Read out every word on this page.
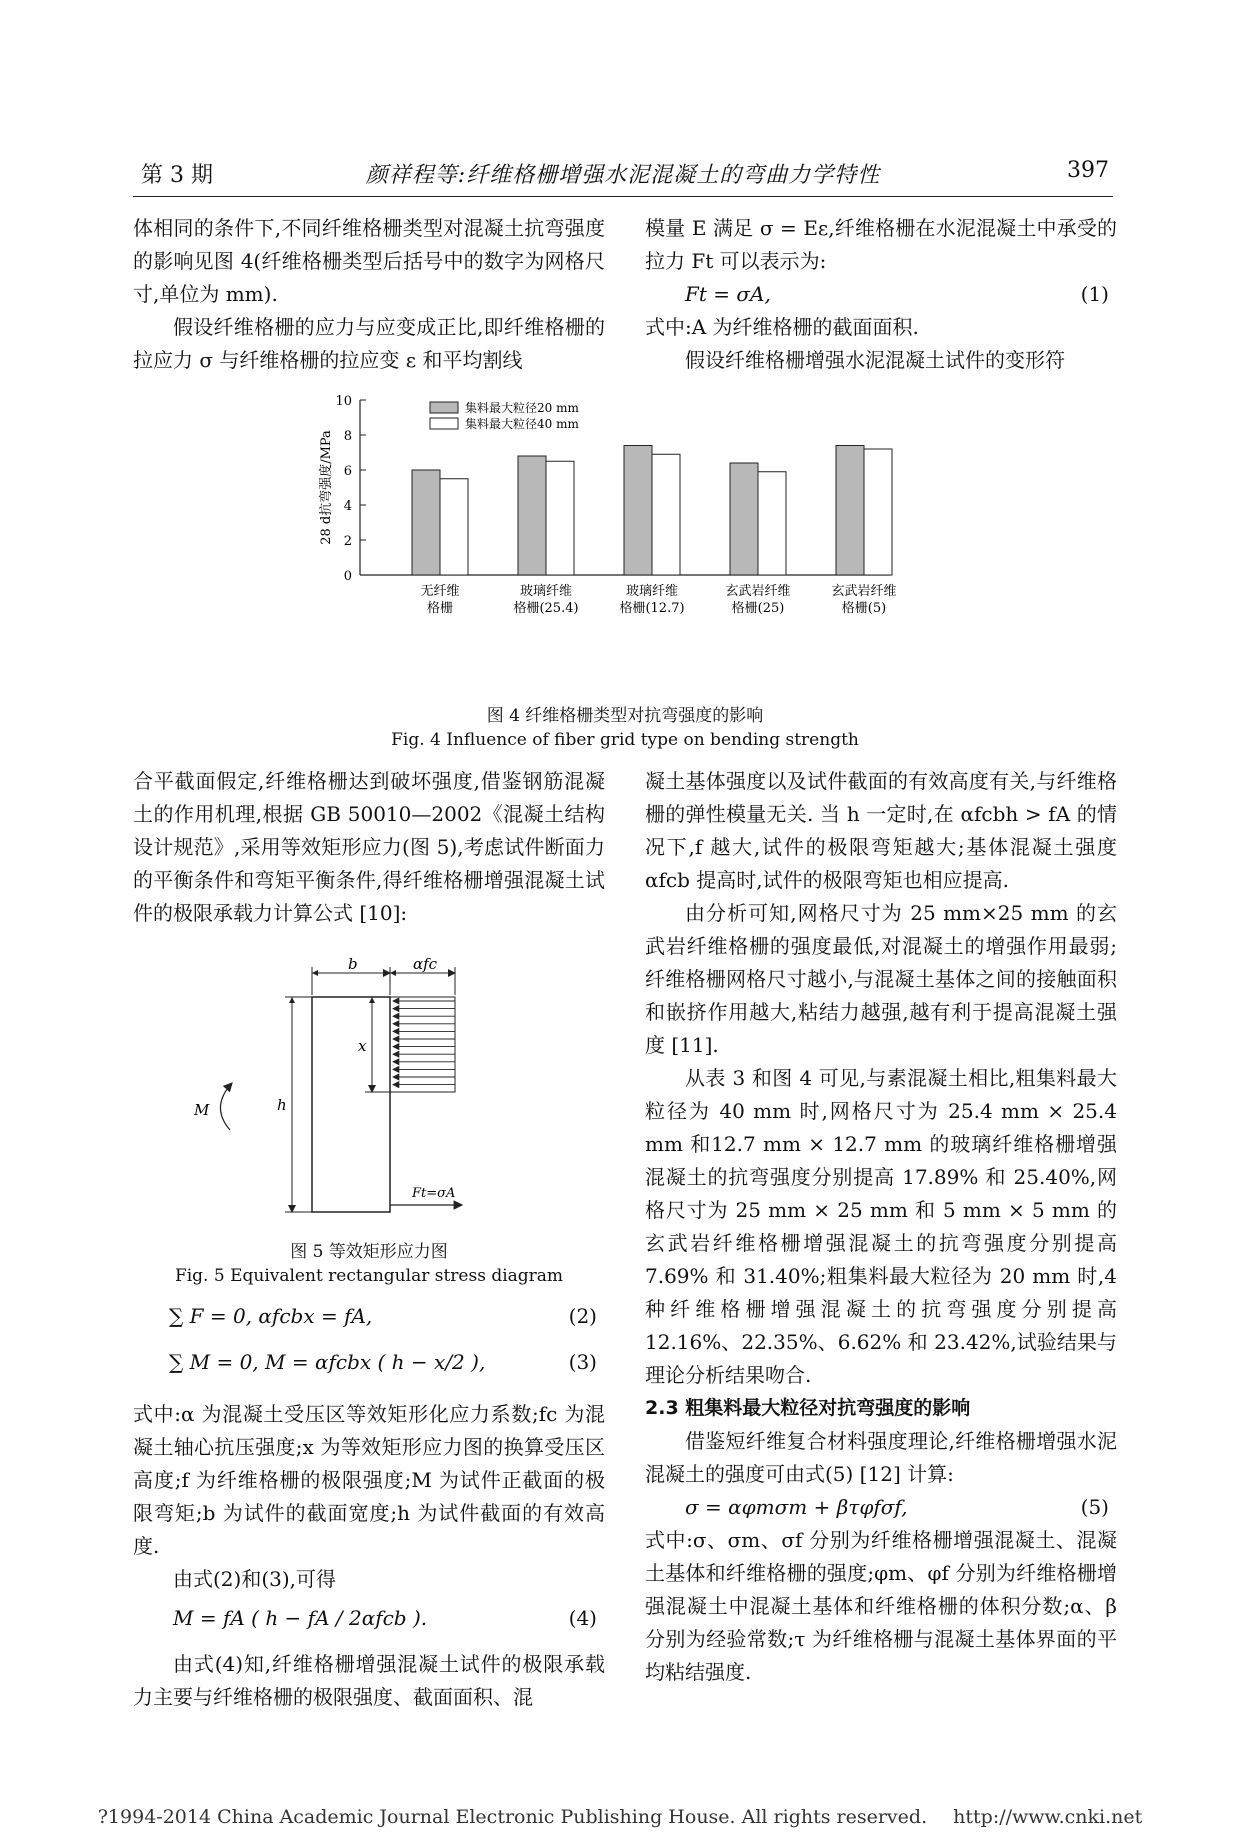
第 3 期	颜祥程等:纤维格栅增强水泥混凝土的弯曲力学特性	397

体相同的条件下,不同纤维格栅类型对混凝土抗弯强度的影响见图 4(纤维格栅类型后括号中的数字为网格尺寸,单位为 mm).

假设纤维格栅的应力与应变成正比,即纤维格栅的拉应力 σ 与纤维格栅的拉应变 ε 和平均割线

模量 E 满足 σ = Eε,纤维格栅在水泥混凝土中承受的拉力 Ft 可以表示为:

Ft = σA,	(1)

式中:A 为纤维格栅的截面面积.

假设纤维格栅增强水泥混凝土试件的变形符

0
2
4
6
8
10
28 d抗弯强度/MPa
无纤维
格栅
玻璃纤维
格栅(25.4)
玻璃纤维
格栅(12.7)
玄武岩纤维
格栅(25)
玄武岩纤维
格栅(5)
集料最大粒径20 mm
集料最大粒径40 mm
图 4 纤维格栅类型对抗弯强度的影响
Fig. 4 Influence of fiber grid type on bending strength

合平截面假定,纤维格栅达到破坏强度,借鉴钢筋混凝土的作用机理,根据 GB 50010—2002《混凝土结构设计规范》,采用等效矩形应力(图 5),考虑试件断面力的平衡条件和弯矩平衡条件,得纤维格栅增强混凝土试件的极限承载力计算公式 [10]:

b	αfc
x
h
M
Ft=σA
图 5 等效矩形应力图
Fig. 5 Equivalent rectangular stress diagram
∑ F = 0, αfcbx = fA,	(2)
∑ M = 0, M = αfcbx ( h − x/2 ),	(3)

式中:α 为混凝土受压区等效矩形化应力系数;fc 为混凝土轴心抗压强度;x 为等效矩形应力图的换算受压区高度;f 为纤维格栅的极限强度;M 为试件正截面的极限弯矩;b 为试件的截面宽度;h 为试件截面的有效高度.

由式(2)和(3),可得

M = fA ( h − fA / 2αfcb ).	(4)

由式(4)知,纤维格栅增强混凝土试件的极限承载力主要与纤维格栅的极限强度、截面面积、混

凝土基体强度以及试件截面的有效高度有关,与纤维格栅的弹性模量无关. 当 h 一定时,在 αfcbh > fA 的情况下,f 越大,试件的极限弯矩越大;基体混凝土强度 αfcb 提高时,试件的极限弯矩也相应提高.

由分析可知,网格尺寸为 25 mm×25 mm 的玄武岩纤维格栅的强度最低,对混凝土的增强作用最弱;纤维格栅网格尺寸越小,与混凝土基体之间的接触面积和嵌挤作用越大,粘结力越强,越有利于提高混凝土强度 [11].

从表 3 和图 4 可见,与素混凝土相比,粗集料最大粒径为 40 mm 时,网格尺寸为 25.4 mm × 25.4 mm 和12.7 mm × 12.7 mm 的玻璃纤维格栅增强混凝土的抗弯强度分别提高 17.89% 和 25.40%,网格尺寸为 25 mm × 25 mm 和 5 mm × 5 mm 的玄武岩纤维格栅增强混凝土的抗弯强度分别提高 7.69% 和 31.40%;粗集料最大粒径为 20 mm 时,4 种纤维格栅增强混凝土的抗弯强度分别提高 12.16%、22.35%、6.62% 和 23.42%,试验结果与理论分析结果吻合.

2.3 粗集料最大粒径对抗弯强度的影响

借鉴短纤维复合材料强度理论,纤维格栅增强水泥混凝土的强度可由式(5) [12] 计算:

σ = αφmσm + βτφfσf,	(5)

式中:σ、σm、σf 分别为纤维格栅增强混凝土、混凝土基体和纤维格栅的强度;φm、φf 分别为纤维格栅增强混凝土中混凝土基体和纤维格栅的体积分数;α、β 分别为经验常数;τ 为纤维格栅与混凝土基体界面的平均粘结强度.

?1994-2014 China Academic Journal Electronic Publishing House. All rights reserved. http://www.cnki.net
